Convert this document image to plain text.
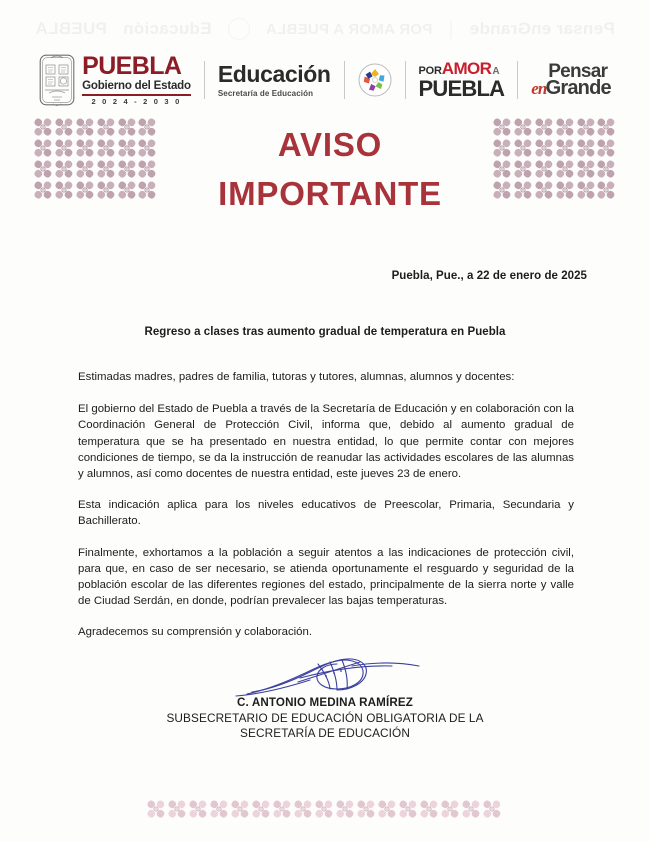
Pensar enGrande
|
POR AMOR A PUEBLA
Educación
PUEBLA
PUEBLA
Gobierno del Estado
2 0 2 4 - 2 0 3 0
Educación
Secretaría de Educación
POR AMOR A
PUEBLA
Pensar
en Grande
AVISO
IMPORTANTE
Puebla, Pue., a 22 de enero de 2025
Regreso a clases tras aumento gradual de temperatura en Puebla

Estimadas madres, padres de familia, tutoras y tutores, alumnas, alumnos y docentes:

El gobierno del Estado de Puebla a través de la Secretaría de Educación y en colaboración con la Coordinación General de Protección Civil, informa que, debido al aumento gradual de temperatura que se ha presentado en nuestra entidad, lo que permite contar con mejores condiciones de tiempo, se da la instrucción de reanudar las actividades escolares de las alumnas y alumnos, así como docentes de nuestra entidad, este jueves 23 de enero.

Esta indicación aplica para los niveles educativos de Preescolar, Primaria, Secundaria y Bachillerato.

Finalmente, exhortamos a la población a seguir atentos a las indicaciones de protección civil, para que, en caso de ser necesario, se atienda oportunamente el resguardo y seguridad de la población escolar de las diferentes regiones del estado, principalmente de la sierra norte y valle de Ciudad Serdán, en donde, podrían prevalecer las bajas temperaturas.

Agradecemos su comprensión y colaboración.

C. ANTONIO MEDINA RAMÍREZ
SUBSECRETARIO DE EDUCACIÓN OBLIGATORIA DE LA
SECRETARÍA DE EDUCACIÓN
